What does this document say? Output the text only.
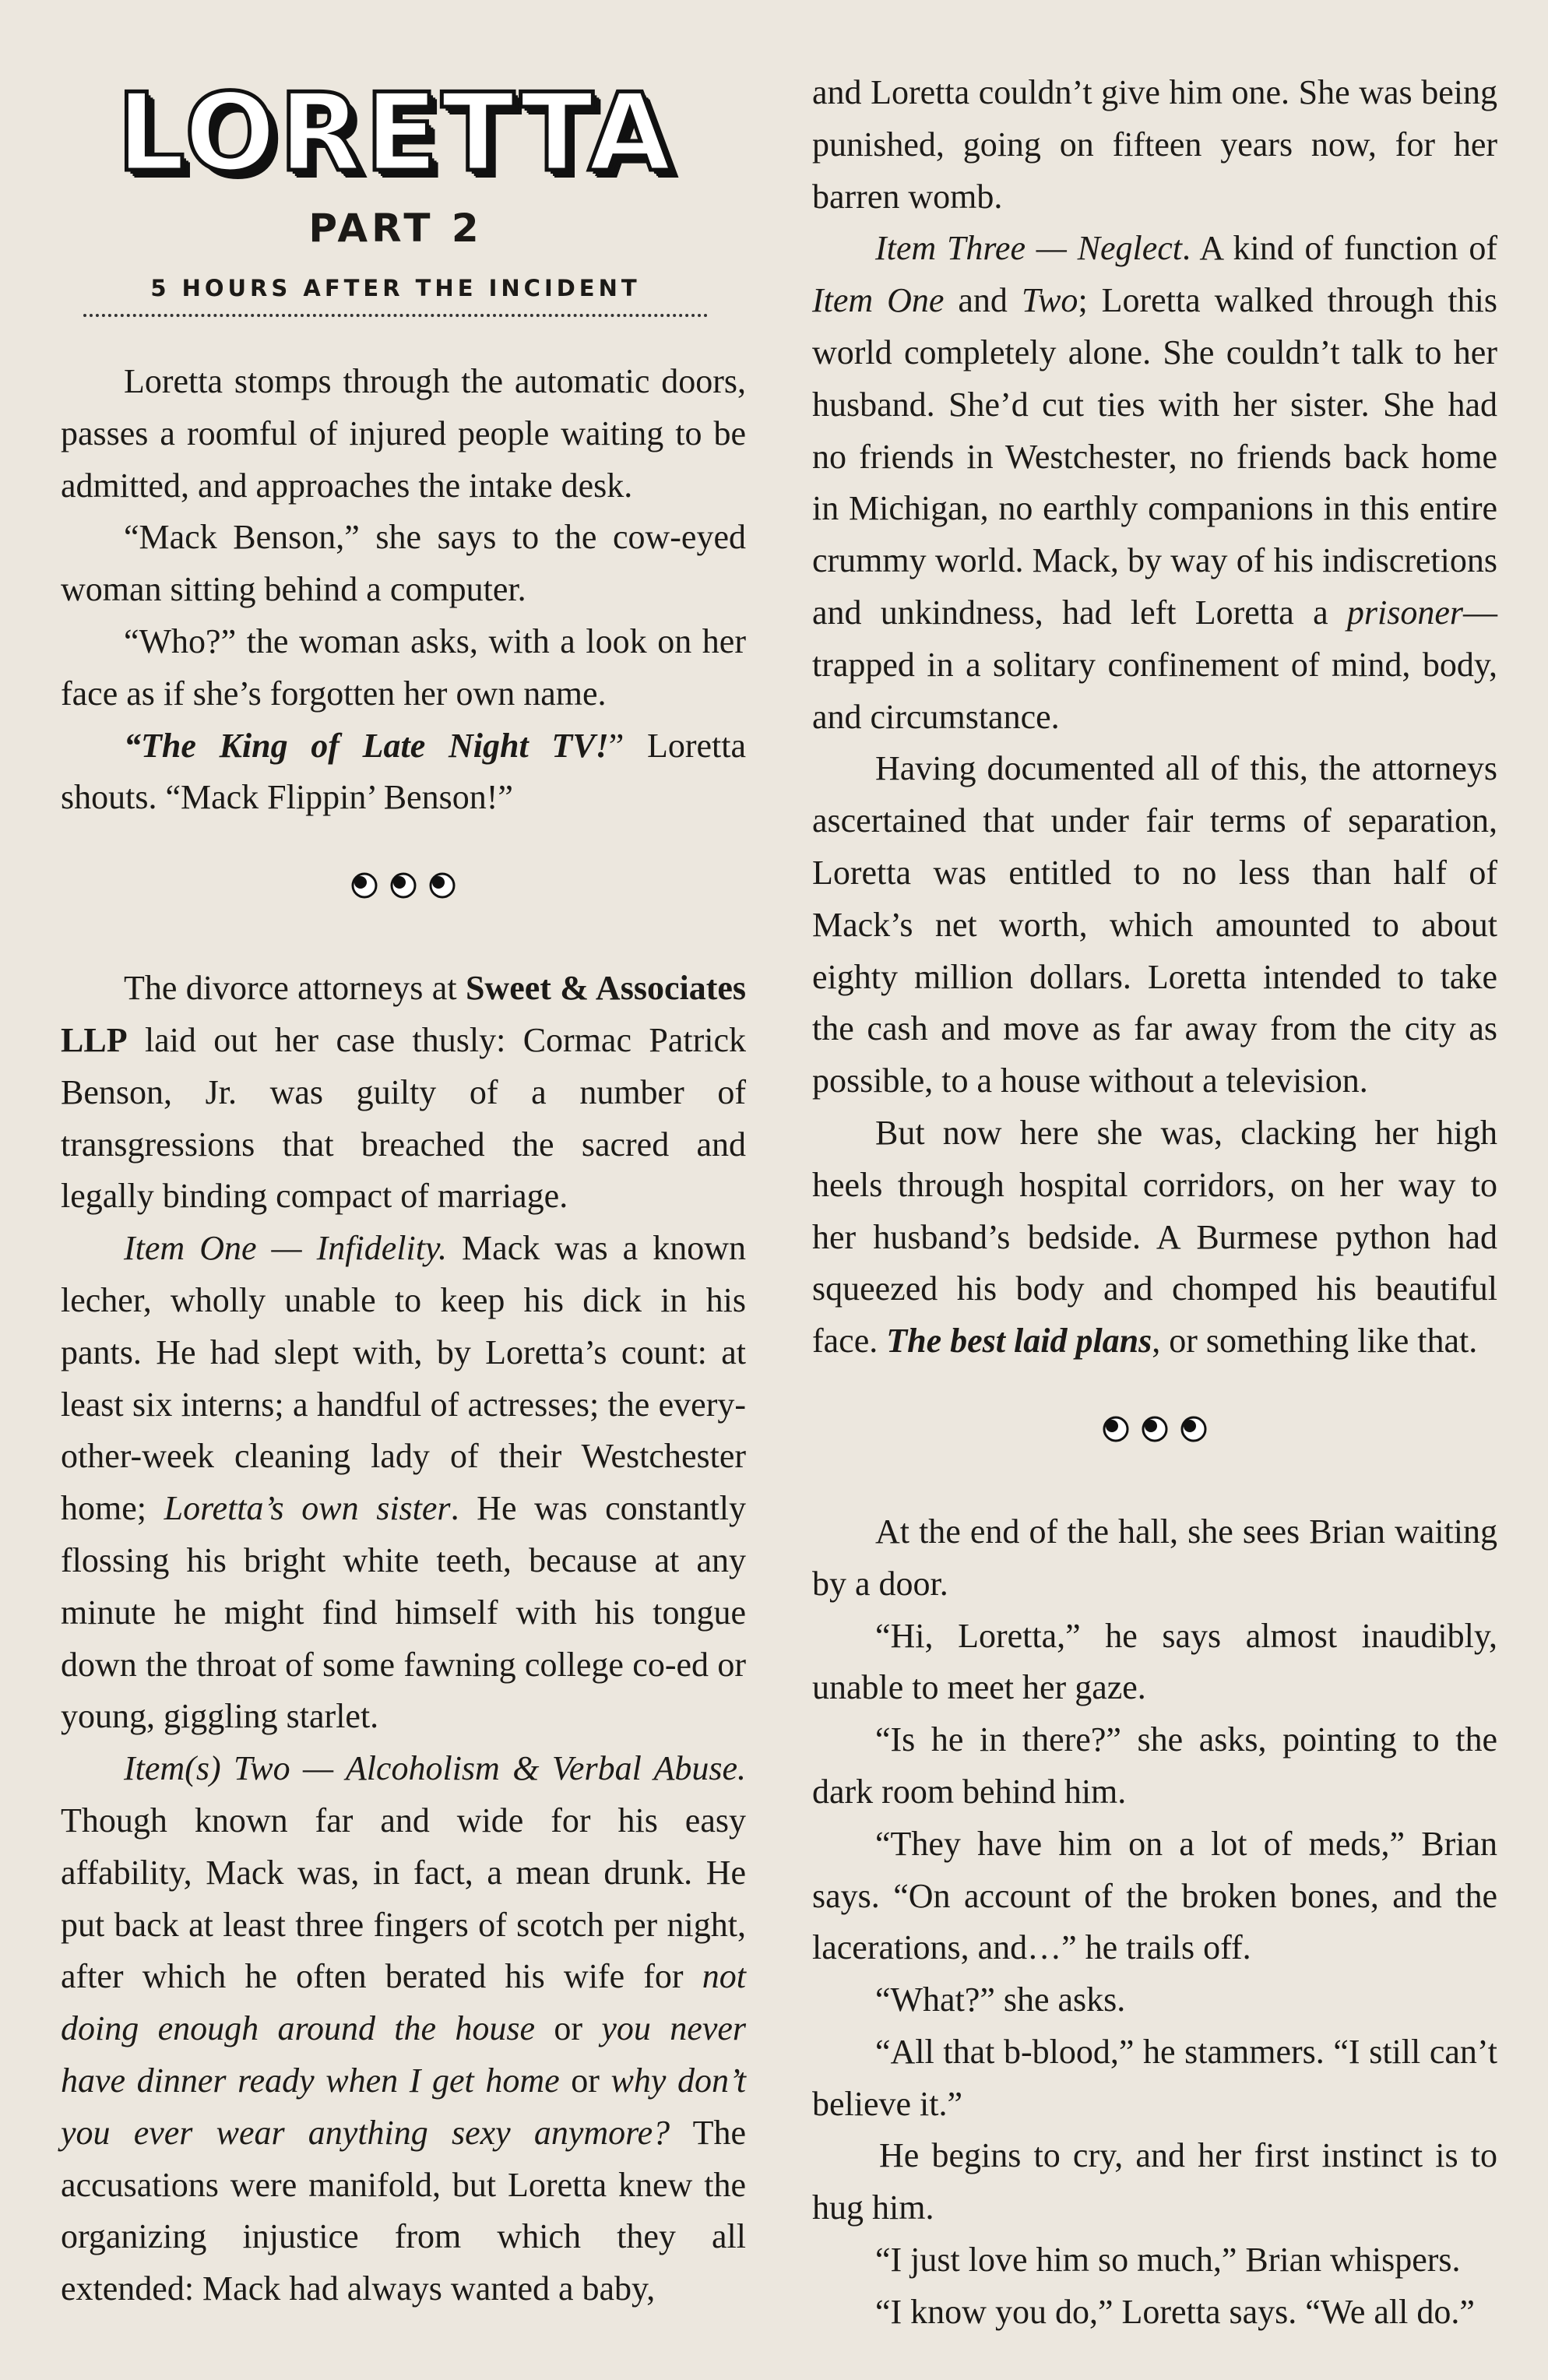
LORETTA
PART 2
5 HOURS AFTER THE INCIDENT

Loretta stomps through the automatic doors, passes a roomful of injured people waiting to be admitted, and approaches the intake desk.

“Mack Benson,” she says to the cow-eyed woman sitting behind a computer.

“Who?” the woman asks, with a look on her face as if she’s forgotten her own name.

“The King of Late Night TV!” Loretta shouts. “Mack Flippin’ Benson!”

The divorce attorneys at Sweet & Associates LLP laid out her case thusly: Cormac Patrick Benson, Jr. was guilty of a number of transgressions that breached the sacred and legally binding compact of marriage.

Item One — Infidelity. Mack was a known lecher, wholly unable to keep his dick in his pants. He had slept with, by Loretta’s count: at least six interns; a handful of actresses; the every-other-week cleaning lady of their Westchester home; Loretta’s own sister. He was constantly flossing his bright white teeth, because at any minute he might find himself with his tongue down the throat of some fawning college co-ed or young, giggling starlet.

Item(s) Two — Alcoholism & Verbal Abuse. Though known far and wide for his easy affability, Mack was, in fact, a mean drunk. He put back at least three fingers of scotch per night, after which he often berated his wife for not doing enough around the house or you never have dinner ready when I get home or why don’t you ever wear anything sexy anymore? The accusations were manifold, but Loretta knew the organizing injustice from which they all extended: Mack had always wanted a baby,

and Loretta couldn’t give him one. She was being punished, going on fifteen years now, for her barren womb.

Item Three — Neglect. A kind of function of Item One and Two; Loretta walked through this world completely alone. She couldn’t talk to her husband. She’d cut ties with her sister. She had no friends in Westchester, no friends back home in Michigan, no earthly companions in this entire crummy world. Mack, by way of his indiscretions and unkindness, had left Loretta a prisoner—trapped in a solitary confinement of mind, body, and circumstance.

Having documented all of this, the attorneys ascertained that under fair terms of separation, Loretta was entitled to no less than half of Mack’s net worth, which amounted to about eighty million dollars. Loretta intended to take the cash and move as far away from the city as possible, to a house without a television.

But now here she was, clacking her high heels through hospital corridors, on her way to her husband’s bedside. A Burmese python had squeezed his body and chomped his beautiful face. The best laid plans, or something like that.

At the end of the hall, she sees Brian waiting by a door.

“Hi, Loretta,” he says almost inaudibly, unable to meet her gaze.

“Is he in there?” she asks, pointing to the dark room behind him.

“They have him on a lot of meds,” Brian says. “On account of the broken bones, and the lacerations, and…” he trails off.

“What?” she asks.

“All that b-blood,” he stammers. “I still can’t believe it.”

He begins to cry, and her first instinct is to hug him.

“I just love him so much,” Brian whispers.

“I know you do,” Loretta says. “We all do.”
